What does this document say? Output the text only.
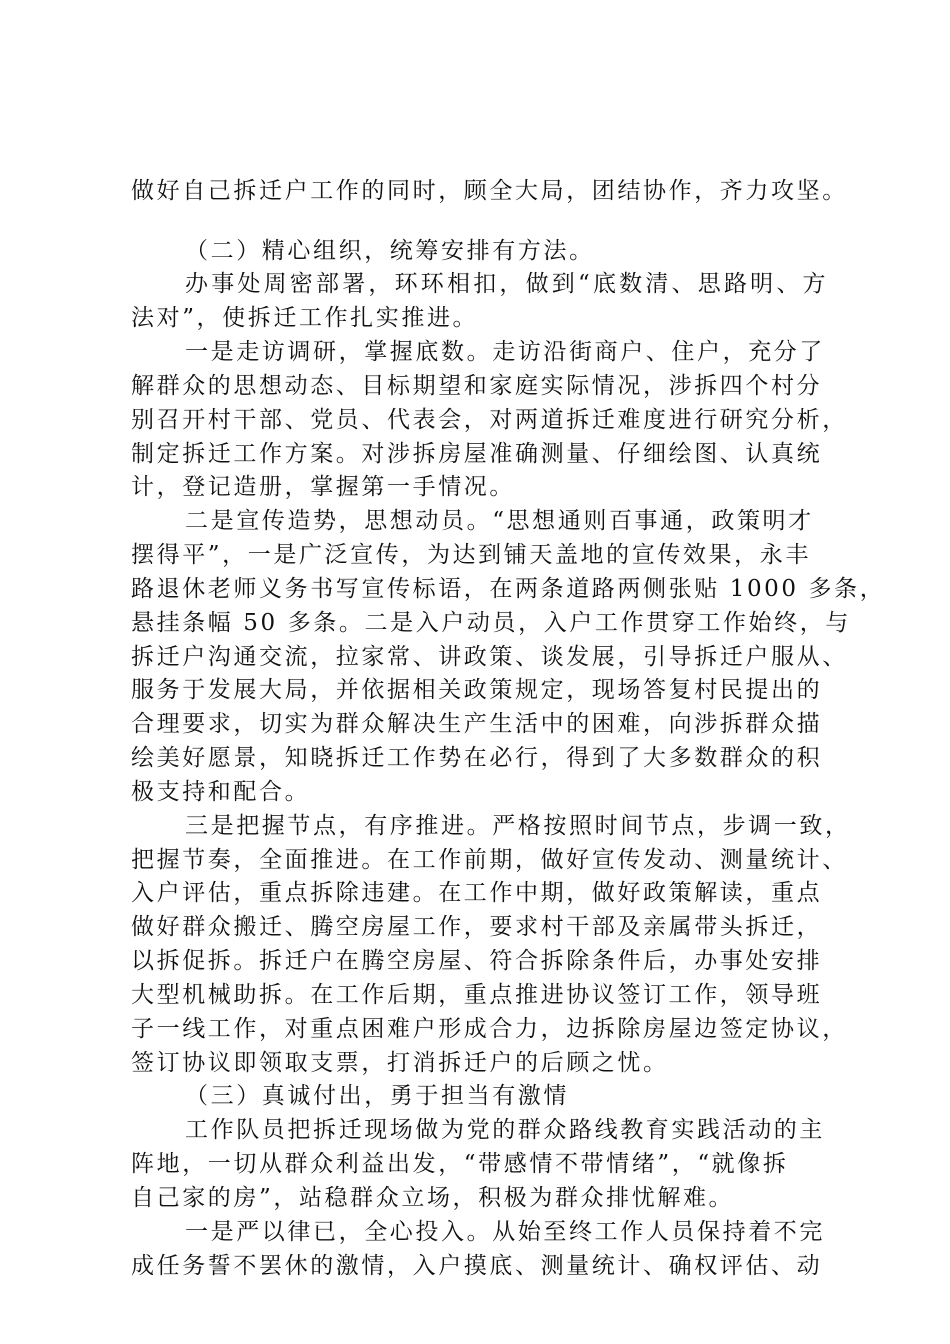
做好自己拆迁户工作的同时，顾全大局，团结协作，齐力攻坚。
（二）精心组织，统筹安排有方法。
办事处周密部署，环环相扣，做到“底数清、思路明、方
法对”，使拆迁工作扎实推进。
一是走访调研，掌握底数。走访沿街商户、住户，充分了
解群众的思想动态、目标期望和家庭实际情况，涉拆四个村分
别召开村干部、党员、代表会，对两道拆迁难度进行研究分析，
制定拆迁工作方案。对涉拆房屋准确测量、仔细绘图、认真统
计，登记造册，掌握第一手情况。
二是宣传造势，思想动员。“思想通则百事通，政策明才
摆得平”，一是广泛宣传，为达到铺天盖地的宣传效果，永丰
路退休老师义务书写宣传标语，在两条道路两侧张贴 1000 多条，
悬挂条幅 50 多条。二是入户动员，入户工作贯穿工作始终，与
拆迁户沟通交流，拉家常、讲政策、谈发展，引导拆迁户服从、
服务于发展大局，并依据相关政策规定，现场答复村民提出的
合理要求，切实为群众解决生产生活中的困难，向涉拆群众描
绘美好愿景，知晓拆迁工作势在必行，得到了大多数群众的积
极支持和配合。
三是把握节点，有序推进。严格按照时间节点，步调一致，
把握节奏，全面推进。在工作前期，做好宣传发动、测量统计、
入户评估，重点拆除违建。在工作中期，做好政策解读，重点
做好群众搬迁、腾空房屋工作，要求村干部及亲属带头拆迁，
以拆促拆。拆迁户在腾空房屋、符合拆除条件后，办事处安排
大型机械助拆。在工作后期，重点推进协议签订工作，领导班
子一线工作，对重点困难户形成合力，边拆除房屋边签定协议，
签订协议即领取支票，打消拆迁户的后顾之忧。
（三）真诚付出，勇于担当有激情
工作队员把拆迁现场做为党的群众路线教育实践活动的主
阵地，一切从群众利益出发，“带感情不带情绪”，“就像拆
自己家的房”，站稳群众立场，积极为群众排忧解难。
一是严以律已，全心投入。从始至终工作人员保持着不完
成任务誓不罢休的激情，入户摸底、测量统计、确权评估、动
